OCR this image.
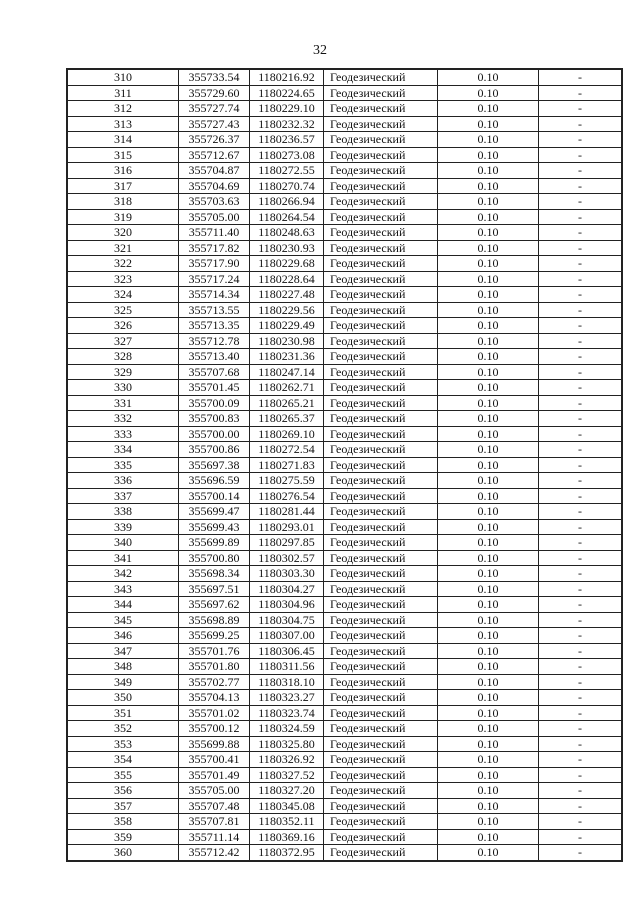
32
310	355733.54	1180216.92	Геодезический	0.10	-
311	355729.60	1180224.65	Геодезический	0.10	-
312	355727.74	1180229.10	Геодезический	0.10	-
313	355727.43	1180232.32	Геодезический	0.10	-
314	355726.37	1180236.57	Геодезический	0.10	-
315	355712.67	1180273.08	Геодезический	0.10	-
316	355704.87	1180272.55	Геодезический	0.10	-
317	355704.69	1180270.74	Геодезический	0.10	-
318	355703.63	1180266.94	Геодезический	0.10	-
319	355705.00	1180264.54	Геодезический	0.10	-
320	355711.40	1180248.63	Геодезический	0.10	-
321	355717.82	1180230.93	Геодезический	0.10	-
322	355717.90	1180229.68	Геодезический	0.10	-
323	355717.24	1180228.64	Геодезический	0.10	-
324	355714.34	1180227.48	Геодезический	0.10	-
325	355713.55	1180229.56	Геодезический	0.10	-
326	355713.35	1180229.49	Геодезический	0.10	-
327	355712.78	1180230.98	Геодезический	0.10	-
328	355713.40	1180231.36	Геодезический	0.10	-
329	355707.68	1180247.14	Геодезический	0.10	-
330	355701.45	1180262.71	Геодезический	0.10	-
331	355700.09	1180265.21	Геодезический	0.10	-
332	355700.83	1180265.37	Геодезический	0.10	-
333	355700.00	1180269.10	Геодезический	0.10	-
334	355700.86	1180272.54	Геодезический	0.10	-
335	355697.38	1180271.83	Геодезический	0.10	-
336	355696.59	1180275.59	Геодезический	0.10	-
337	355700.14	1180276.54	Геодезический	0.10	-
338	355699.47	1180281.44	Геодезический	0.10	-
339	355699.43	1180293.01	Геодезический	0.10	-
340	355699.89	1180297.85	Геодезический	0.10	-
341	355700.80	1180302.57	Геодезический	0.10	-
342	355698.34	1180303.30	Геодезический	0.10	-
343	355697.51	1180304.27	Геодезический	0.10	-
344	355697.62	1180304.96	Геодезический	0.10	-
345	355698.89	1180304.75	Геодезический	0.10	-
346	355699.25	1180307.00	Геодезический	0.10	-
347	355701.76	1180306.45	Геодезический	0.10	-
348	355701.80	1180311.56	Геодезический	0.10	-
349	355702.77	1180318.10	Геодезический	0.10	-
350	355704.13	1180323.27	Геодезический	0.10	-
351	355701.02	1180323.74	Геодезический	0.10	-
352	355700.12	1180324.59	Геодезический	0.10	-
353	355699.88	1180325.80	Геодезический	0.10	-
354	355700.41	1180326.92	Геодезический	0.10	-
355	355701.49	1180327.52	Геодезический	0.10	-
356	355705.00	1180327.20	Геодезический	0.10	-
357	355707.48	1180345.08	Геодезический	0.10	-
358	355707.81	1180352.11	Геодезический	0.10	-
359	355711.14	1180369.16	Геодезический	0.10	-
360	355712.42	1180372.95	Геодезический	0.10	-
